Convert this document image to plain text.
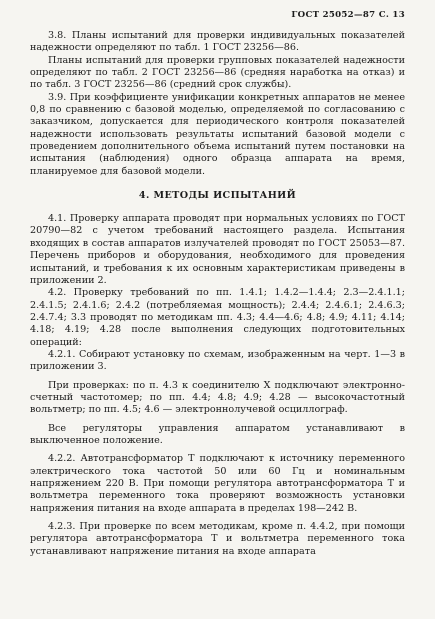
ГОСТ 25052—87 С. 13

3.8. Планы испытаний для проверки индивидуальных показателей надежности определяют по табл. 1 ГОСТ 23256—86.

Планы испытаний для проверки групповых показателей надежности определяют по табл. 2 ГОСТ 23256—86 (средняя наработка на отказ) и по табл. 3 ГОСТ 23256—86 (средний срок службы).

3.9. При коэффициенте унификации конкретных аппаратов не менее 0,8 по сравнению с базовой моделью, определяемой по согласованию с заказчиком, допускается для периодического контроля показателей надежности использовать результаты испытаний базовой модели с проведением дополнительного объема испытаний путем постановки на испытания (наблюдения) одного образца аппарата на время, планируемое для базовой модели.

4. МЕТОДЫ ИСПЫТАНИЙ

4.1. Проверку аппарата проводят при нормальных условиях по ГОСТ 20790—82 с учетом требований настоящего раздела. Испытания входящих в состав аппаратов излучателей проводят по ГОСТ 25053—87. Перечень приборов и оборудования, необходимого для проведения испытаний, и требования к их основным характеристикам приведены в приложении 2.

4.2. Проверку требований по пп. 1.4.1; 1.4.2—1.4.4; 2.3—2.4.1.1; 2.4.1.5; 2.4.1.6; 2.4.2 (потребляемая мощность); 2.4.4; 2.4.6.1; 2.4.6.3; 2.4.7.4; 3.3 проводят по методикам пп. 4.3; 4.4—4.6; 4.8; 4.9; 4.11; 4.14; 4.18; 4.19; 4.28 после выполнения следующих подготовительных операций:

4.2.1. Собирают установку по схемам, изображенным на черт. 1—3 в приложении 3.

При проверках: по п. 4.3 к соединителю X подключают электронно-счетный частотомер; по пп. 4.4; 4.8; 4.9; 4.28 — высокочастотный вольтметр; по пп. 4.5; 4.6 — электроннолучевой осциллограф.

Все регуляторы управления аппаратом устанавливают в выключенное положение.

4.2.2. Автотрансформатор T подключают к источнику переменного электрического тока частотой 50 или 60 Гц и номинальным напряжением 220 В. При помощи регулятора автотрансформатора T и вольтметра переменного тока проверяют возможность установки напряжения питания на входе аппарата в пределах 198—242 В.

4.2.3. При проверке по всем методикам, кроме п. 4.4.2, при помощи регулятора автотрансформатора T и вольтметра переменного тока устанавливают напряжение питания на входе аппарата
